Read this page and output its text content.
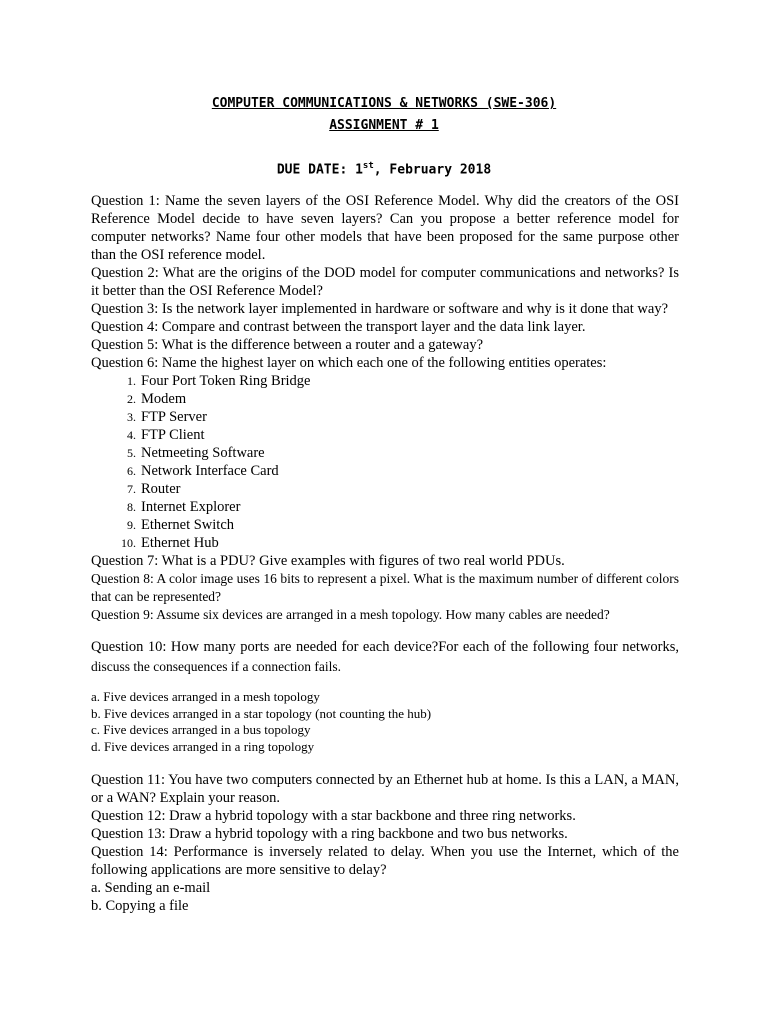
COMPUTER COMMUNICATIONS & NETWORKS (SWE-306)
ASSIGNMENT # 1
DUE DATE: 1st, February 2018

Question 1: Name the seven layers of the OSI Reference Model. Why did the creators of the OSI Reference Model decide to have seven layers? Can you propose a better reference model for computer networks? Name four other models that have been proposed for the same purpose other than the OSI reference model.

Question 2: What are the origins of the DOD model for computer communications and networks? Is it better than the OSI Reference Model?

Question 3: Is the network layer implemented in hardware or software and why is it done that way?

Question 4: Compare and contrast between the transport layer and the data link layer.

Question 5: What is the difference between a router and a gateway?

Question 6: Name the highest layer on which each one of the following entities operates:

1. Four Port Token Ring Bridge
2. Modem
3. FTP Server
4. FTP Client
5. Netmeeting Software
6. Network Interface Card
7. Router
8. Internet Explorer
9. Ethernet Switch
10. Ethernet Hub

Question 7: What is a PDU? Give examples with figures of two real world PDUs.

Question 8: A color image uses 16 bits to represent a pixel. What is the maximum number of different colors that can be represented?

Question 9: Assume six devices are arranged in a mesh topology. How many cables are needed?

Question 10: How many ports are needed for each device?For each of the following four networks, discuss the consequences if a connection fails.

a. Five devices arranged in a mesh topology
b. Five devices arranged in a star topology (not counting the hub)
c. Five devices arranged in a bus topology
d. Five devices arranged in a ring topology

Question 11: You have two computers connected by an Ethernet hub at home. Is this a LAN, a MAN, or a WAN? Explain your reason.

Question 12: Draw a hybrid topology with a star backbone and three ring networks.

Question 13: Draw a hybrid topology with a ring backbone and two bus networks.

Question 14: Performance is inversely related to delay. When you use the Internet, which of the following applications are more sensitive to delay?

a. Sending an e-mail
b. Copying a file
